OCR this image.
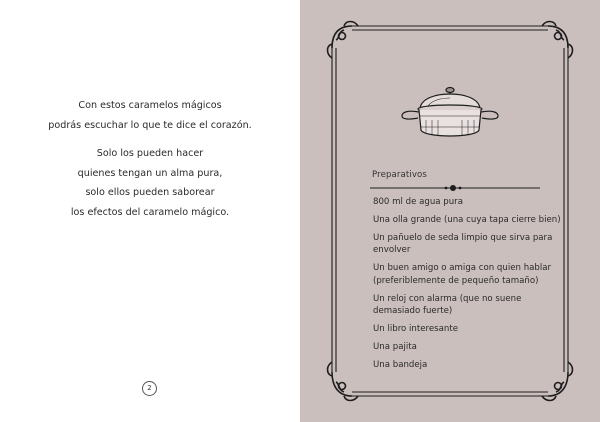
Con estos caramelos mágicos
podrás escuchar lo que te dice el corazón.
Solo los pueden hacer
quienes tengan un alma pura,
solo ellos pueden saborear
los efectos del caramelo mágico.
2
Preparativos
800 ml de agua pura
Una olla grande (una cuya tapa cierre bien)
Un pañuelo de seda limpio que sirva para envolver
Un buen amigo o amiga con quien hablar (preferiblemente de pequeño tamaño)
Un reloj con alarma (que no suene demasiado fuerte)
Un libro interesante
Una pajita
Una bandeja
